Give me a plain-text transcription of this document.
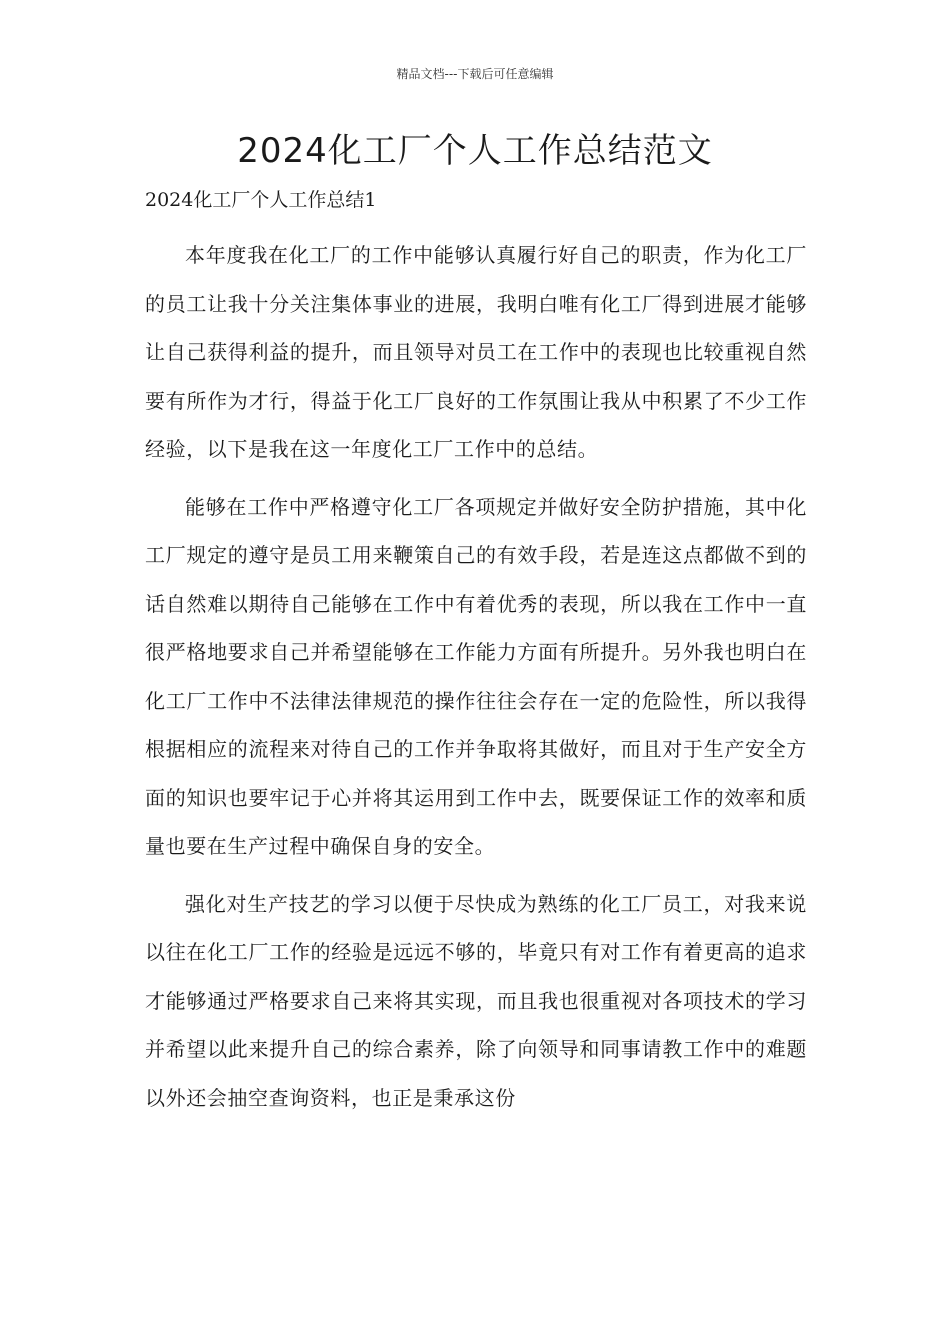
精品文档---下载后可任意编辑
2024化工厂个人工作总结范文

2024化工厂个人工作总结1

本年度我在化工厂的工作中能够认真履行好自己的职责，作为化工厂的员工让我十分关注集体事业的进展，我明白唯有化工厂得到进展才能够让自己获得利益的提升，而且领导对员工在工作中的表现也比较重视自然要有所作为才行，得益于化工厂良好的工作氛围让我从中积累了不少工作经验，以下是我在这一年度化工厂工作中的总结。

能够在工作中严格遵守化工厂各项规定并做好安全防护措施，其中化工厂规定的遵守是员工用来鞭策自己的有效手段，若是连这点都做不到的话自然难以期待自己能够在工作中有着优秀的表现，所以我在工作中一直很严格地要求自己并希望能够在工作能力方面有所提升。另外我也明白在化工厂工作中不法律法律规范的操作往往会存在一定的危险性，所以我得根据相应的流程来对待自己的工作并争取将其做好，而且对于生产安全方面的知识也要牢记于心并将其运用到工作中去，既要保证工作的效率和质量也要在生产过程中确保自身的安全。

强化对生产技艺的学习以便于尽快成为熟练的化工厂员工，对我来说以往在化工厂工作的经验是远远不够的，毕竟只有对工作有着更高的追求才能够通过严格要求自己来将其实现，而且我也很重视对各项技术的学习并希望以此来提升自己的综合素养，除了向领导和同事请教工作中的难题以外还会抽空查询资料，也正是秉承这份
